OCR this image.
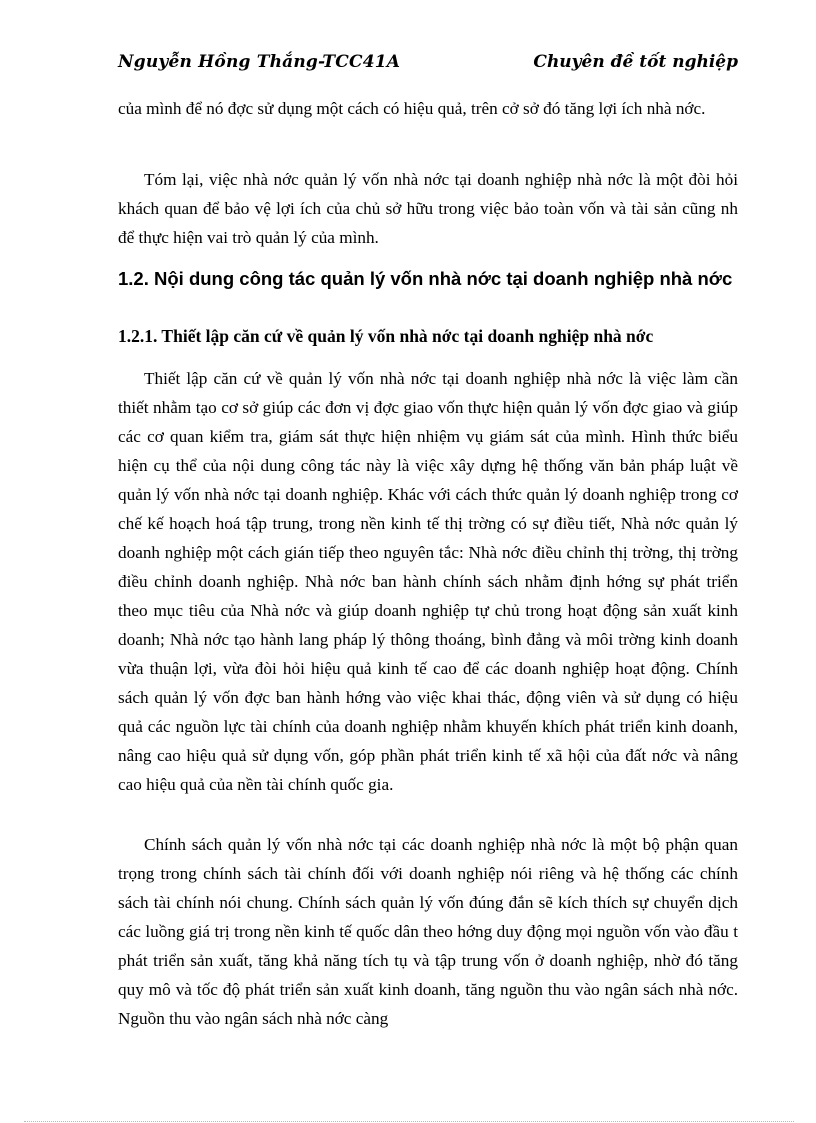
Nguyễn Hồng Thắng-TCC41A	Chuyên đề tốt nghiệp

của mình để nó đợc sử dụng một cách có hiệu quả, trên cở sở đó tăng lợi ích nhà nớc.

Tóm lại, việc nhà nớc quản lý vốn nhà nớc tại doanh nghiệp nhà nớc là một đòi hỏi khách quan để bảo vệ lợi ích của chủ sở hữu trong việc bảo toàn vốn và tài sản cũng nh để thực hiện vai trò quản lý của mình.

1.2. Nội dung công tác quản lý vốn nhà nớc tại doanh nghiệp nhà nớc
1.2.1. Thiết lập căn cứ về quản lý vốn nhà nớc tại doanh nghiệp nhà nớc

Thiết lập căn cứ về quản lý vốn nhà nớc tại doanh nghiệp nhà nớc là việc làm cần thiết nhằm tạo cơ sở giúp các đơn vị đợc giao vốn thực hiện quản lý vốn đợc giao và giúp các cơ quan kiểm tra, giám sát thực hiện nhiệm vụ giám sát của mình. Hình thức biểu hiện cụ thể của nội dung công tác này là việc xây dựng hệ thống văn bản pháp luật về quản lý vốn nhà nớc tại doanh nghiệp. Khác với cách thức quản lý doanh nghiệp trong cơ chế kế hoạch hoá tập trung, trong nền kinh tế thị trờng có sự điều tiết, Nhà nớc quản lý doanh nghiệp một cách gián tiếp theo nguyên tắc: Nhà nớc điều chỉnh thị trờng, thị trờng điều chỉnh doanh nghiệp. Nhà nớc ban hành chính sách nhằm định hớng sự phát triển theo mục tiêu của Nhà nớc và giúp doanh nghiệp tự chủ trong hoạt động sản xuất kinh doanh; Nhà nớc tạo hành lang pháp lý thông thoáng, bình đẳng và môi trờng kinh doanh vừa thuận lợi, vừa đòi hỏi hiệu quả kinh tế cao để các doanh nghiệp hoạt động. Chính sách quản lý vốn đợc ban hành hớng vào việc khai thác, động viên và sử dụng có hiệu quả các nguồn lực tài chính của doanh nghiệp nhằm khuyến khích phát triển kinh doanh, nâng cao hiệu quả sử dụng vốn, góp phần phát triển kinh tế xã hội của đất nớc và nâng cao hiệu quả của nền tài chính quốc gia.

Chính sách quản lý vốn nhà nớc tại các doanh nghiệp nhà nớc là một bộ phận quan trọng trong chính sách tài chính đối với doanh nghiệp nói riêng và hệ thống các chính sách tài chính nói chung. Chính sách quản lý vốn đúng đắn sẽ kích thích sự chuyển dịch các luồng giá trị trong nền kinh tế quốc dân theo hớng duy động mọi nguồn vốn vào đầu t phát triển sản xuất, tăng khả năng tích tụ và tập trung vốn ở doanh nghiệp, nhờ đó tăng quy mô và tốc độ phát triển sản xuất kinh doanh, tăng nguồn thu vào ngân sách nhà nớc. Nguồn thu vào ngân sách nhà nớc càng
